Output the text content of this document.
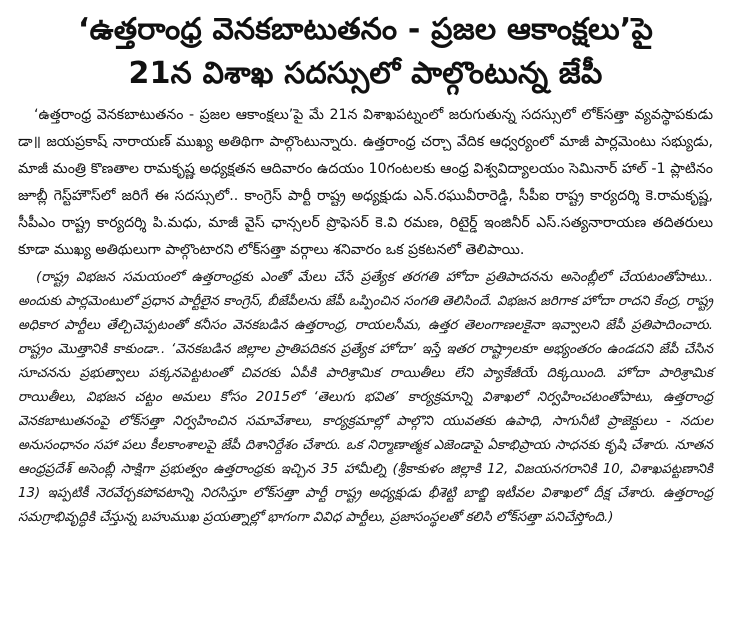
‘ఉత్తరాంధ్ర వెనకబాటుతనం - ప్రజల ఆకాంక్షలు’పై
21న విశాఖ సదస్సులో పాల్గొంటున్న జేపీ

‘ఉత్తరాంధ్ర వెనకబాటుతనం - ప్రజల ఆకాంక్షలు’పై మే 21న విశాఖపట్నంలో జరుగుతున్న సదస్సులో లోక్‌సత్తా వ్యవస్థాపకుడు డా॥ జయప్రకాష్ నారాయణ్ ముఖ్య అతిథిగా పాల్గొంటున్నారు. ఉత్తరాంధ్ర చర్చా వేదిక ఆధ్వర్యంలో మాజీ పార్లమెంటు సభ్యుడు, మాజీ మంత్రి కొణతాల రామకృష్ణ అధ్యక్షతన ఆదివారం ఉదయం 10గంటలకు ఆంధ్ర విశ్వవిద్యాలయం సెమినార్ హాల్ -1 ప్లాటినం జూబ్లీ గెస్ట్‌హౌస్‌లో జరిగే ఈ సదస్సులో.. కాంగ్రెస్ పార్టీ రాష్ట్ర అధ్యక్షుడు ఎన్.రఘువీరారెడ్డి, సీపీఐ రాష్ట్ర కార్యదర్శి కె.రామకృష్ణ, సీపీఎం రాష్ట్ర కార్యదర్శి పి.మధు, మాజీ వైస్ ఛాన్సలర్ ప్రొఫెసర్ కె.వి రమణ, రిటైర్డ్ ఇంజినీర్ ఎస్.సత్యనారాయణ తదితరులు కూడా ముఖ్య అతిథులుగా పాల్గొంటారని లోక్‌సత్తా వర్గాలు శనివారం ఒక ప్రకటనలో తెలిపాయి.

(రాష్ట్ర విభజన సమయంలో ఉత్తరాంధ్రకు ఎంతో మేలు చేసే ప్రత్యేక తరగతి హోదా ప్రతిపాదనను అసెంబ్లీలో చేయటంతోపాటు.. అందుకు పార్లమెంటులో ప్రధాన పార్టీలైన కాంగ్రెస్, బీజేపీలను జేపీ ఒప్పించిన సంగతి తెలిసిందే. విభజన జరిగాక హోదా రాదని కేంద్ర, రాష్ట్ర అధికార పార్టీలు తేల్చిచెప్పటంతో కనీసం వెనకబడిన ఉత్తరాంధ్ర, రాయలసీమ, ఉత్తర తెలంగాణలకైనా ఇవ్వాలని జేపీ ప్రతిపాదించారు. రాష్ట్రం మొత్తానికి కాకుండా.. ‘వెనకబడిన జిల్లాల ప్రాతిపదికన ప్రత్యేక హోదా’ ఇస్తే ఇతర రాష్ట్రాలకూ అభ్యంతరం ఉండదని జేపీ చేసిన సూచనను ప్రభుత్వాలు పక్కనపెట్టటంతో చివరకు ఏపీకి పారిశ్రామిక రాయితీలు లేని ప్యాకేజీయే దిక్కయింది. హోదా పారిశ్రామిక రాయితీలు, విభజన చట్టం అమలు కోసం 2015లో ‘తెలుగు భవిత’ కార్యక్రమాన్ని విశాఖలో నిర్వహించటంతోపాటు, ఉత్తరాంధ్ర వెనకబాటుతనంపై లోక్‌సత్తా నిర్వహించిన సమావేశాలు, కార్యక్రమాల్లో పాల్గొని యువతకు ఉపాధి, సాగునీటి ప్రాజెక్టులు - నదుల అనుసంధానం సహా పలు కీలకాంశాలపై జేపీ దిశానిర్దేశం చేశారు. ఒక నిర్మాణాత్మక ఎజెండాపై ఏకాభిప్రాయ సాధనకు కృషి చేశారు. నూతన ఆంధ్రప్రదేశ్ అసెంబ్లీ సాక్షిగా ప్రభుత్వం ఉత్తరాంధ్రకు ఇచ్చిన 35 హామీల్ని (శ్రీకాకుళం జిల్లాకి 12, విజయనగరానికి 10, విశాఖపట్టణానికి 13) ఇప్పటికీ నెరవేర్చకపోవటాన్ని నిరసిస్తూ లోక్‌సత్తా పార్టీ రాష్ట్ర అధ్యక్షుడు భీశెట్టి బాబ్జి ఇటీవల విశాఖలో దీక్ష చేశారు. ఉత్తరాంధ్ర సమగ్రాభివృద్ధికి చేస్తున్న బహుముఖ ప్రయత్నాల్లో భాగంగా వివిధ పార్టీలు, ప్రజాసంస్థలతో కలిసి లోక్‌సత్తా పనిచేస్తోంది.)
